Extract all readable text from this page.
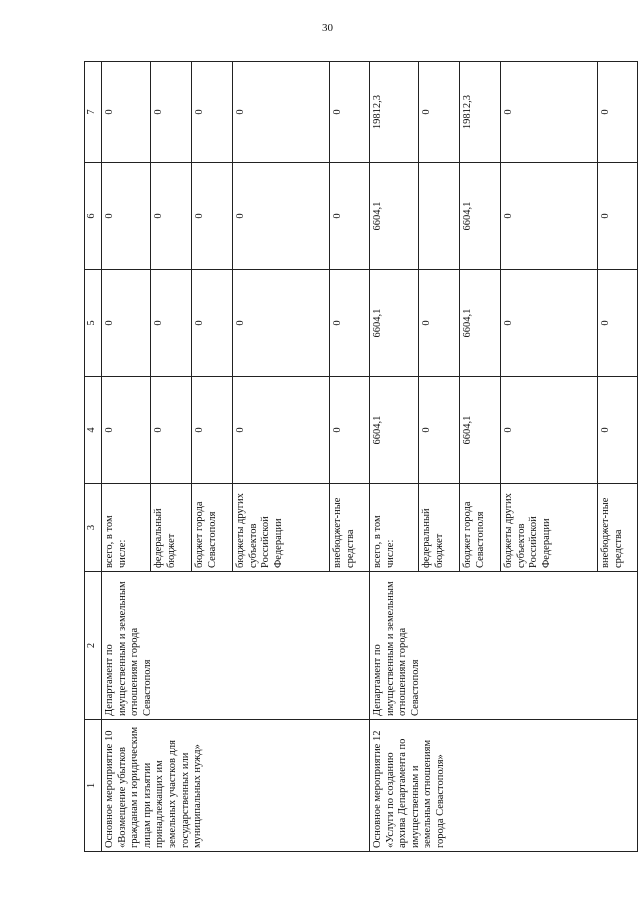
30
1	2	3	4	5	6	7
Основное мероприятие 10 «Возмещение убытков гражданам и юридическим лицам при изъятии принадлежащих им земельных участков для государственных или муниципальных нужд»	Департамент по имущественным и земельным отношениям города Севастополя	всего, в том числе:	0	0	0	0
		федеральный бюджет	0	0	0	0
		бюджет города Севастополя	0	0	0	0
		бюджеты других субъектов Российской Федерации	0	0	0	0
		внебюджет-ные средства	0	0	0	0
Основное мероприятие 12 «Услуги по созданию архива Департамента по имущественным и земельным отношениям города Севастополя»	Департамент по имущественным и земельным отношениям города Севастополя	всего, в том числе:	6604,1	6604,1	6604,1	19812,3
		федеральный бюджет	0	0		0
		бюджет города Севастополя	6604,1	6604,1	6604,1	19812,3
		бюджеты других субъектов Российской Федерации	0	0	0	0
		внебюджет-ные средства	0	0	0	0
